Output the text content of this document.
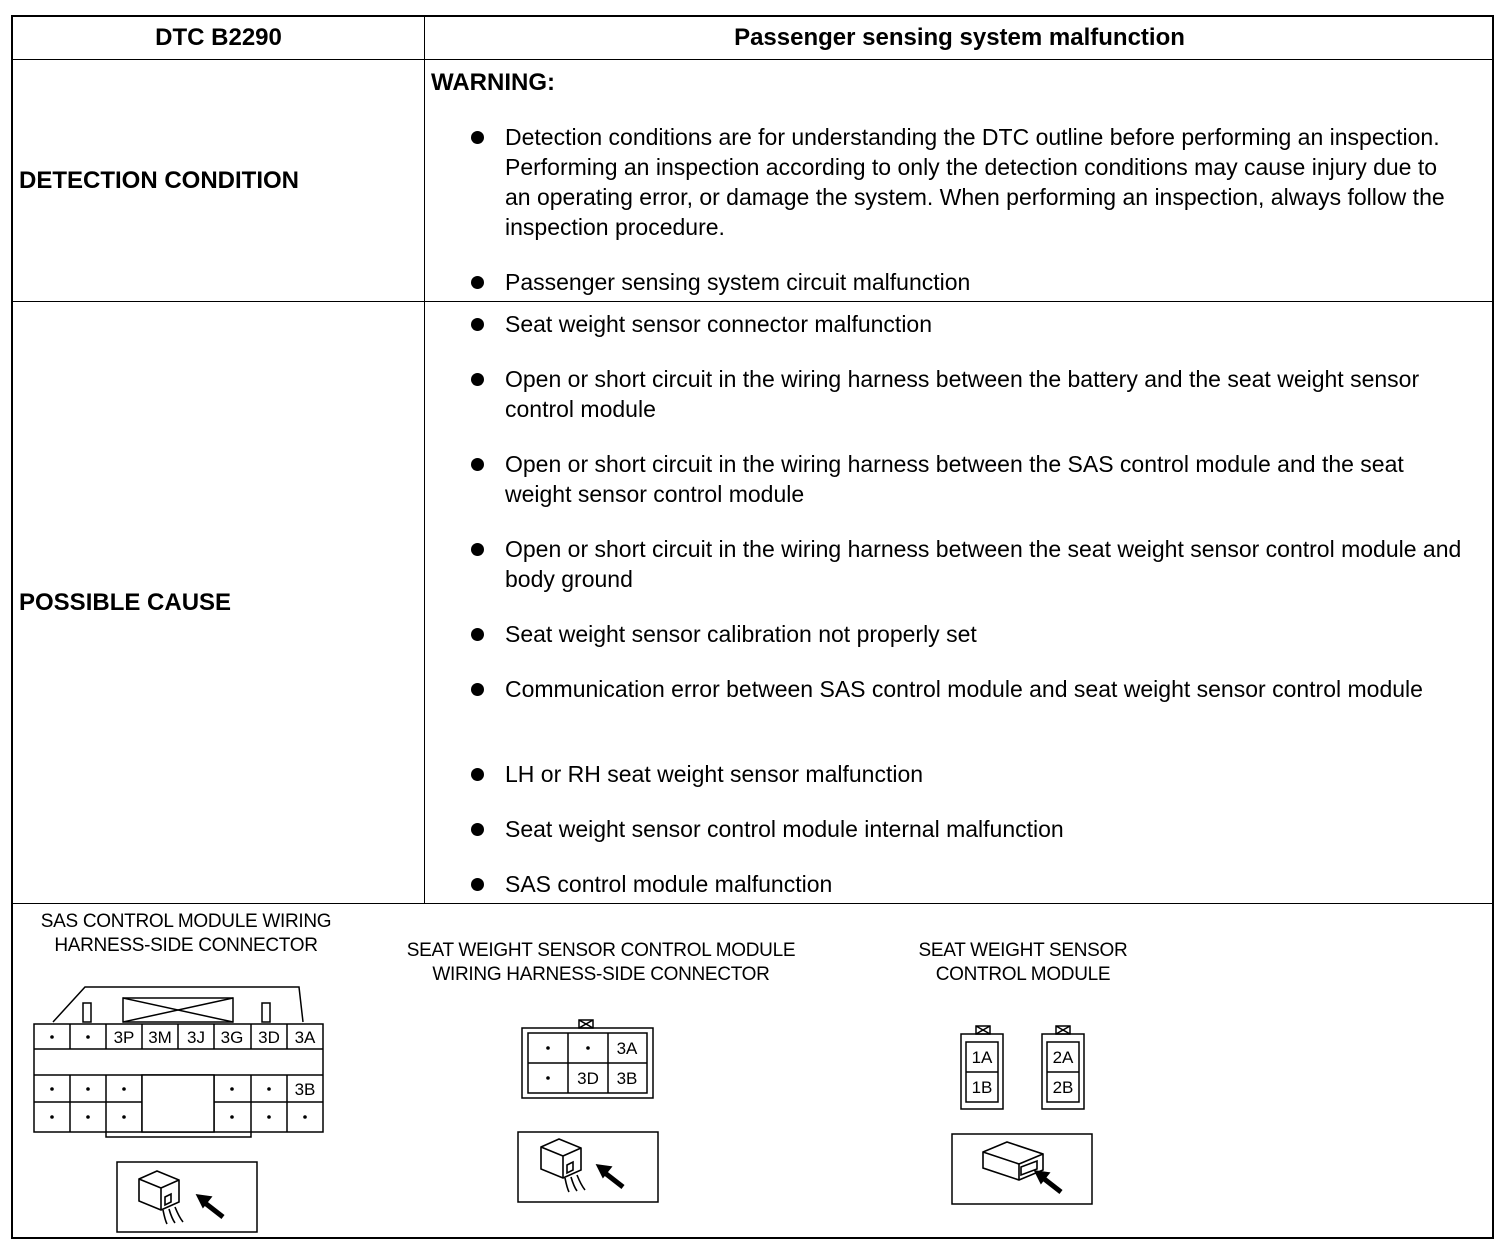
DTC B2290	Passenger sensing system malfunction
DETECTION CONDITION
WARNING:
Detection conditions are for understanding the DTC outline before performing an inspection. Performing an inspection according to only the detection conditions may cause injury due to an operating error, or damage the system. When performing an inspection, always follow the inspection procedure.
Passenger sensing system circuit malfunction
POSSIBLE CAUSE
Seat weight sensor connector malfunction
Open or short circuit in the wiring harness between the battery and the seat weight sensor control module
Open or short circuit in the wiring harness between the SAS control module and the seat weight sensor control module
Open or short circuit in the wiring harness between the seat weight sensor control module and body ground
Seat weight sensor calibration not properly set
Communication error between SAS control module and seat weight sensor control module
LH or RH seat weight sensor malfunction
Seat weight sensor control module internal malfunction
SAS control module malfunction
SAS CONTROL MODULE WIRING
HARNESS-SIDE CONNECTOR	SEAT WEIGHT SENSOR CONTROL MODULE
WIRING HARNESS-SIDE CONNECTOR
SEAT WEIGHT SENSOR
CONTROL MODULE
3P 3M 3J 3G 3D 3A
3B
3A
3D 3B
1A
1B
2A
2B
